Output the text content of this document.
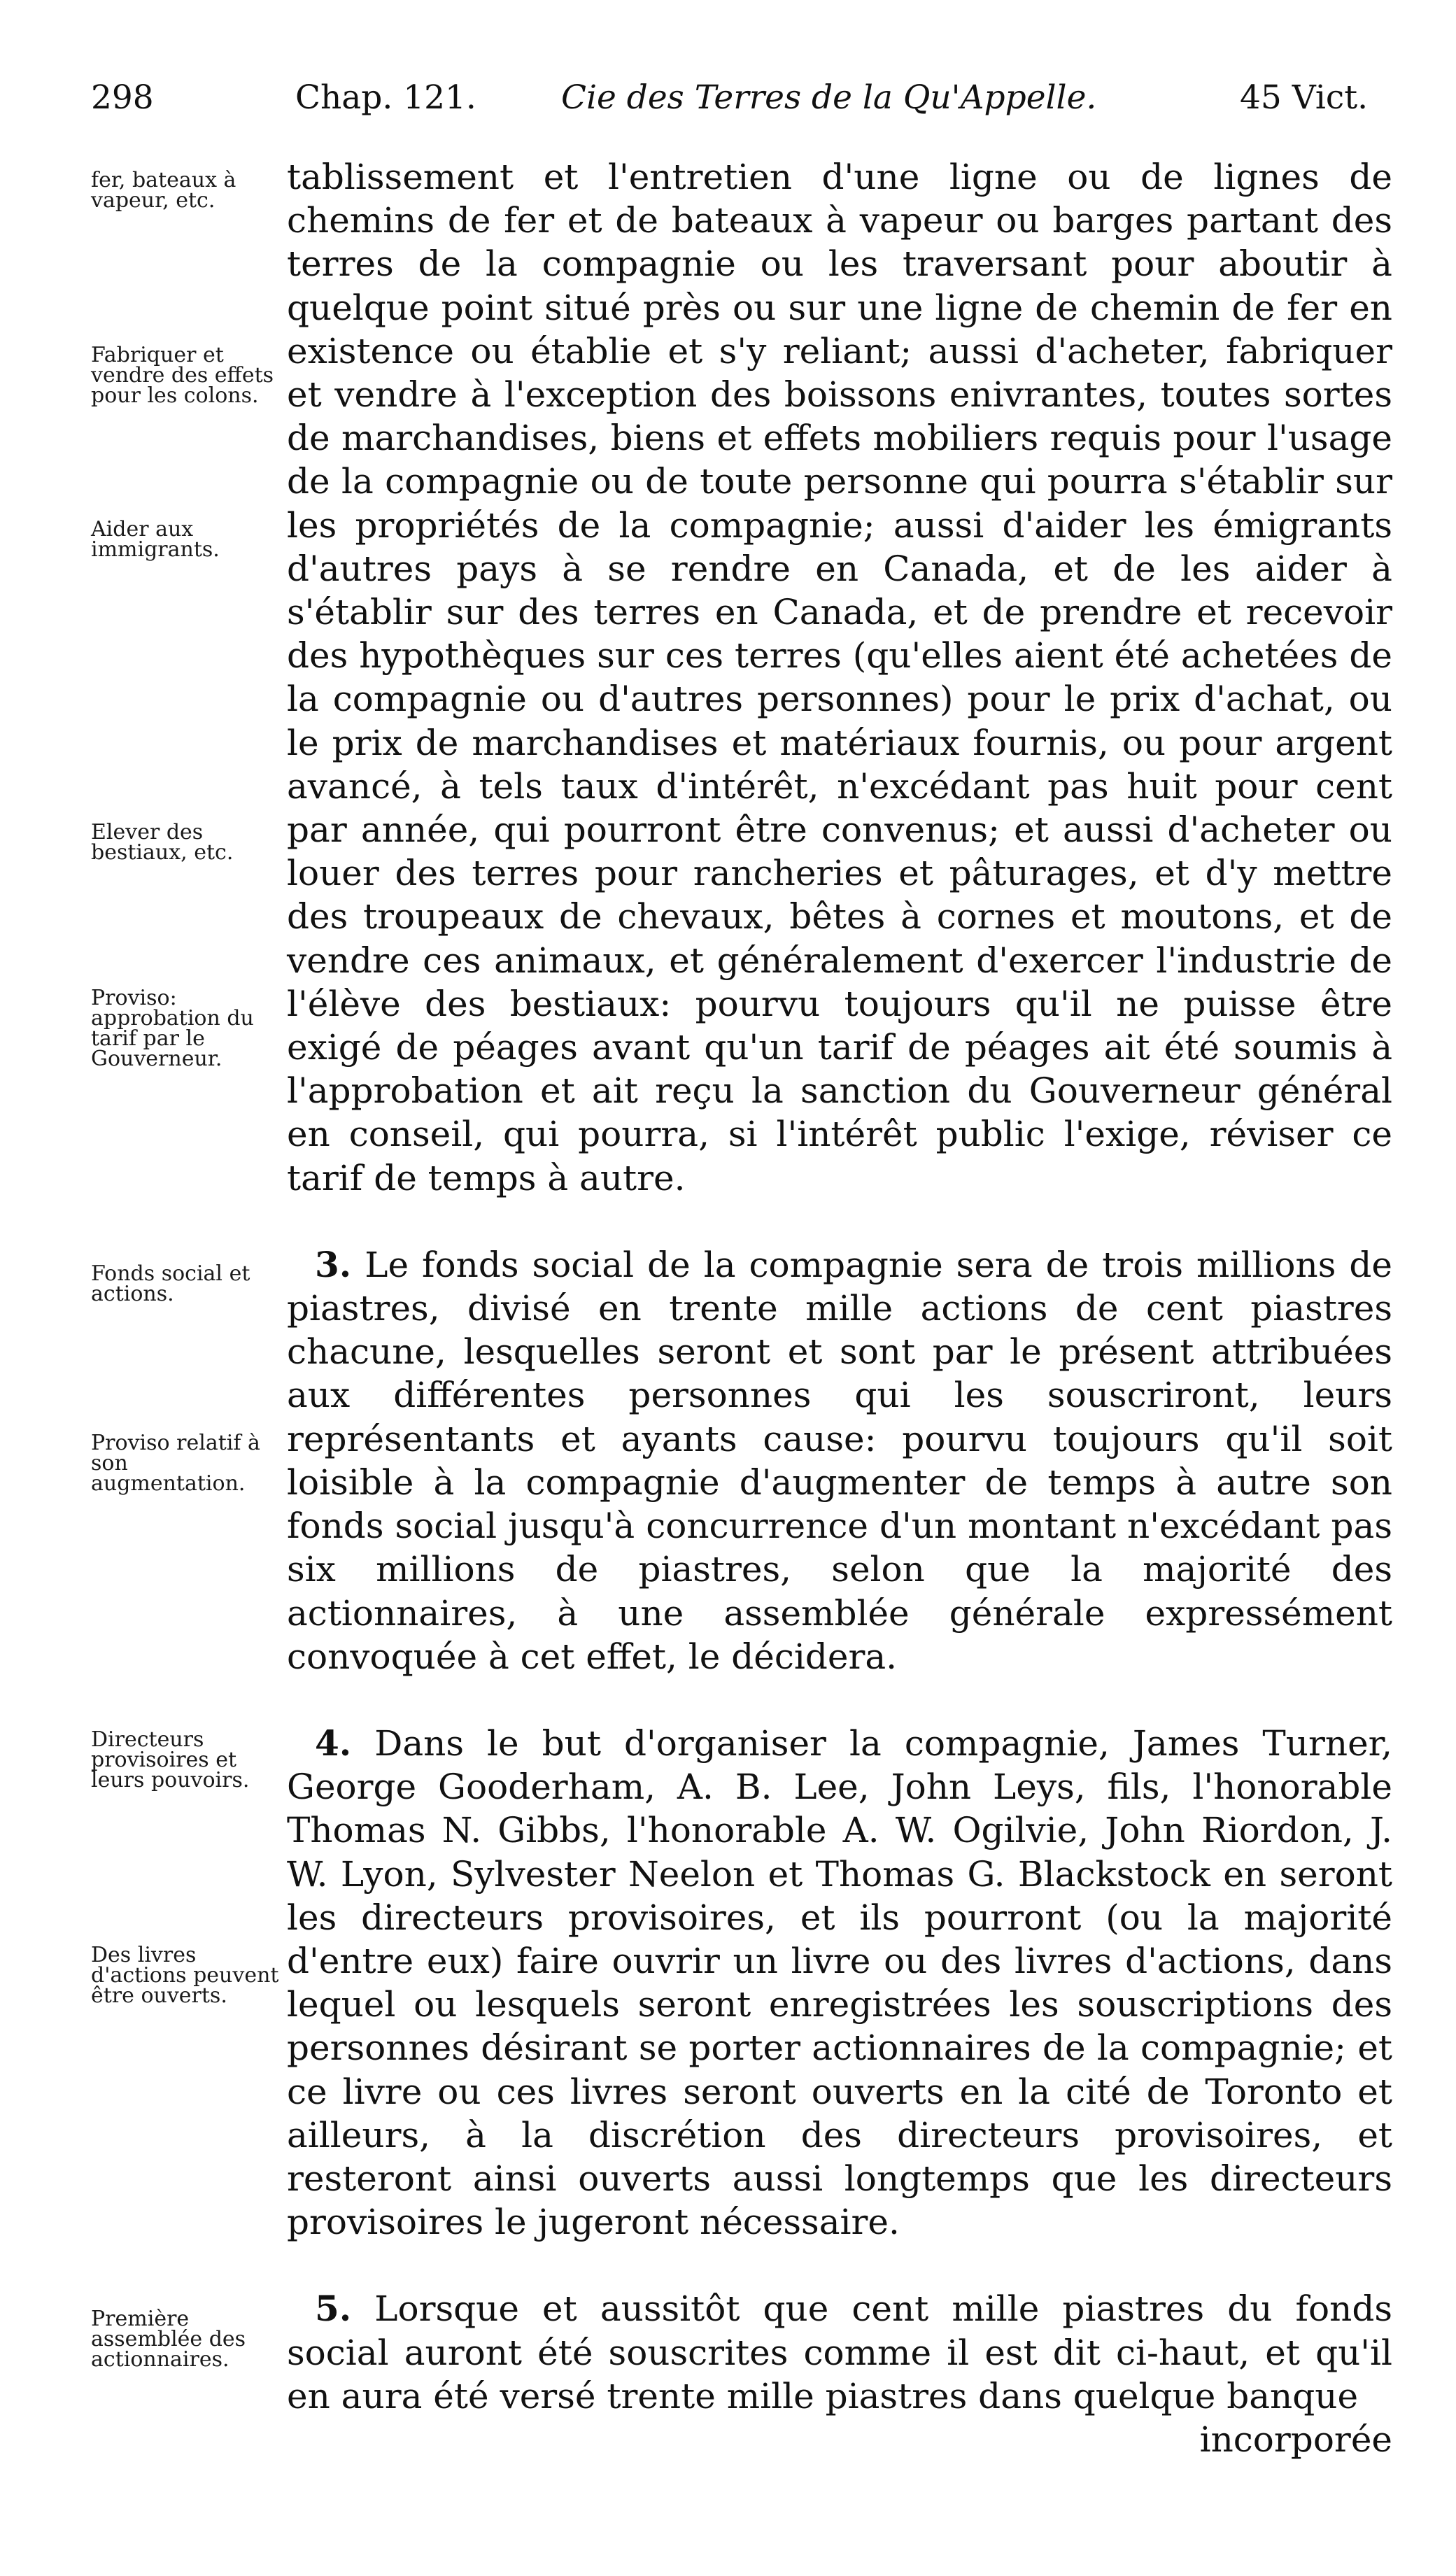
298	Chap. 121.	Cie des Terres de la Qu'Appelle.	45 Vict.
fer, bateaux à vapeur, etc.
Fabriquer et vendre des effets pour les colons.
Aider aux immigrants.
Elever des bestiaux, etc.
Proviso: approbation du tarif par le Gouverneur.
Fonds social et actions.
Proviso relatif à son augmentation.
Directeurs provisoires et leurs pouvoirs.
Des livres d'actions peuvent être ouverts.
Première assemblée des actionnaires.

tablissement et l'entretien d'une ligne ou de lignes de chemins de fer et de bateaux à vapeur ou barges partant des terres de la compagnie ou les traversant pour aboutir à quelque point situé près ou sur une ligne de chemin de fer en existence ou établie et s'y reliant; aussi d'acheter, fabriquer et vendre à l'exception des boissons enivrantes, toutes sortes de marchandises, biens et effets mobiliers requis pour l'usage de la compagnie ou de toute personne qui pourra s'établir sur les propriétés de la compagnie; aussi d'aider les émigrants d'autres pays à se rendre en Canada, et de les aider à s'établir sur des terres en Canada, et de prendre et recevoir des hypothèques sur ces terres (qu'elles aient été achetées de la compagnie ou d'autres personnes) pour le prix d'achat, ou le prix de marchandises et matériaux fournis, ou pour argent avancé, à tels taux d'intérêt, n'excédant pas huit pour cent par année, qui pourront être convenus; et aussi d'acheter ou louer des terres pour rancheries et pâturages, et d'y mettre des troupeaux de chevaux, bêtes à cornes et moutons, et de vendre ces animaux, et généralement d'exercer l'industrie de l'élève des bestiaux: pourvu toujours qu'il ne puisse être exigé de péages avant qu'un tarif de péages ait été soumis à l'approbation et ait reçu la sanction du Gouverneur général en conseil, qui pourra, si l'intérêt public l'exige, réviser ce tarif de temps à autre.

3. Le fonds social de la compagnie sera de trois millions de piastres, divisé en trente mille actions de cent piastres chacune, lesquelles seront et sont par le présent attribuées aux différentes personnes qui les souscriront, leurs représentants et ayants cause: pourvu toujours qu'il soit loisible à la compagnie d'augmenter de temps à autre son fonds social jusqu'à concurrence d'un montant n'excédant pas six millions de piastres, selon que la majorité des actionnaires, à une assemblée générale expressément convoquée à cet effet, le décidera.

4. Dans le but d'organiser la compagnie, James Turner, George Gooderham, A. B. Lee, John Leys, fils, l'honorable Thomas N. Gibbs, l'honorable A. W. Ogilvie, John Riordon, J. W. Lyon, Sylvester Neelon et Thomas G. Blackstock en seront les directeurs provisoires, et ils pourront (ou la majorité d'entre eux) faire ouvrir un livre ou des livres d'actions, dans lequel ou lesquels seront enregistrées les souscriptions des personnes désirant se porter actionnaires de la compagnie; et ce livre ou ces livres seront ouverts en la cité de Toronto et ailleurs, à la discrétion des directeurs provisoires, et resteront ainsi ouverts aussi longtemps que les directeurs provisoires le jugeront nécessaire.

5. Lorsque et aussitôt que cent mille piastres du fonds social auront été souscrites comme il est dit ci-haut, et qu'il en aura été versé trente mille piastres dans quelque banque
incorporée
